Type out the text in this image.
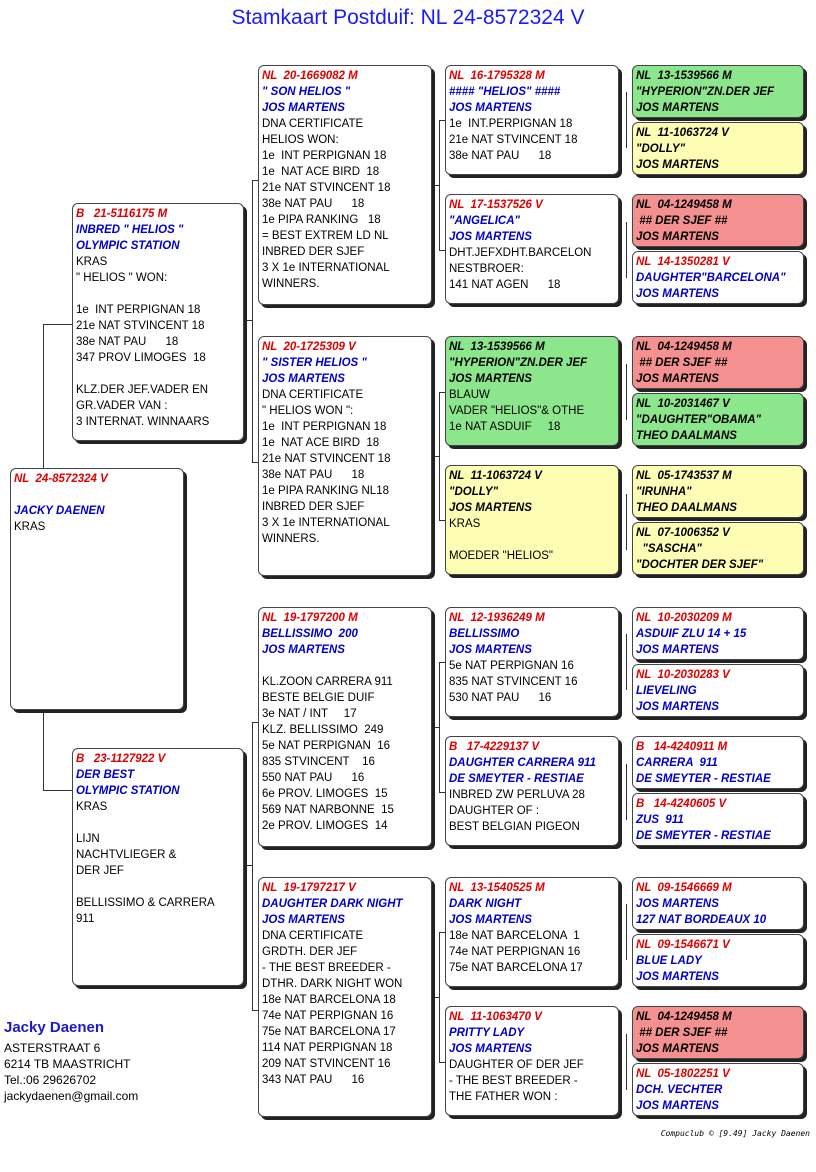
Stamkaart Postduif: NL 24-8572324 V
NL  24-8572324 V

JACKY DAENEN
KRAS
B   21-5116175 M
INBRED " HELIOS "
OLYMPIC STATION
KRAS
" HELIOS " WON:

1e  INT PERPIGNAN 18
21e NAT STVINCENT 18
38e NAT PAU      18
347 PROV LIMOGES  18

KLZ.DER JEF.VADER EN
GR.VADER VAN :
3 INTERNAT. WINNAARS
B   23-1127922 V
DER BEST
OLYMPIC STATION
KRAS

LIJN
NACHTVLIEGER &
DER JEF

BELLISSIMO & CARRERA
911
NL  20-1669082 M
" SON HELIOS "
JOS MARTENS
DNA CERTIFICATE
HELIOS WON:
1e  INT PERPIGNAN 18
1e  NAT ACE BIRD  18
21e NAT STVINCENT 18
38e NAT PAU      18
1e PIPA RANKING   18
= BEST EXTREM LD NL
INBRED DER SJEF
3 X 1e INTERNATIONAL
WINNERS.
NL  20-1725309 V
" SISTER HELIOS "
JOS MARTENS
DNA CERTIFICATE
" HELIOS WON ":
1e  INT PERPIGNAN 18
1e  NAT ACE BIRD  18
21e NAT STVINCENT 18
38e NAT PAU      18
1e PIPA RANKING NL18
INBRED DER SJEF
3 X 1e INTERNATIONAL
WINNERS.
NL  19-1797200 M
BELLISSIMO  200
JOS MARTENS

KL.ZOON CARRERA 911
BESTE BELGIE DUIF
3e NAT / INT     17
KLZ. BELLISSIMO  249
5e NAT PERPIGNAN  16
835 STVINCENT    16
550 NAT PAU      16
6e PROV. LIMOGES  15
569 NAT NARBONNE  15
2e PROV. LIMOGES  14
NL  19-1797217 V
DAUGHTER DARK NIGHT
JOS MARTENS
DNA CERTIFICATE
GRDTH. DER JEF
- THE BEST BREEDER -
DTHR. DARK NIGHT WON
18e NAT BARCELONA 18
74e NAT PERPIGNAN 16
75e NAT BARCELONA 17
114 NAT PERPIGNAN 18
209 NAT STVINCENT 16
343 NAT PAU      16
NL  16-1795328 M
#### "HELIOS" ####
JOS MARTENS
1e  INT.PERPIGNAN 18
21e NAT STVINCENT 18
38e NAT PAU      18
NL  17-1537526 V
"ANGELICA"
JOS MARTENS
DHT.JEFXDHT.BARCELON
NESTBROER:
141 NAT AGEN      18
NL  13-1539566 M
"HYPERION"ZN.DER JEF
JOS MARTENS
BLAUW
VADER "HELIOS"& OTHE
1e NAT ASDUIF     18
NL  11-1063724 V
"DOLLY"
JOS MARTENS
KRAS

MOEDER "HELIOS"
NL  12-1936249 M
BELLISSIMO
JOS MARTENS
5e NAT PERPIGNAN 16
835 NAT STVINCENT 16
530 NAT PAU      16
B   17-4229137 V
DAUGHTER CARRERA 911
DE SMEYTER - RESTIAE
INBRED ZW PERLUVA 28
DAUGHTER OF :
BEST BELGIAN PIGEON
NL  13-1540525 M
DARK NIGHT
JOS MARTENS
18e NAT BARCELONA  1
74e NAT PERPIGNAN 16
75e NAT BARCELONA 17
NL  11-1063470 V
PRITTY LADY
JOS MARTENS
DAUGHTER OF DER JEF
- THE BEST BREEDER -
THE FATHER WON :
NL  13-1539566 M
"HYPERION"ZN.DER JEF
JOS MARTENS
NL  11-1063724 V
"DOLLY"
JOS MARTENS
NL  04-1249458 M
## DER SJEF ##
JOS MARTENS
NL  14-1350281 V
DAUGHTER"BARCELONA"
JOS MARTENS
NL  04-1249458 M
## DER SJEF ##
JOS MARTENS
NL  10-2031467 V
"DAUGHTER"OBAMA"
THEO DAALMANS
NL  05-1743537 M
"IRUNHA"
THEO DAALMANS
NL  07-1006352 V
"SASCHA"
"DOCHTER DER SJEF"
NL  10-2030209 M
ASDUIF ZLU 14 + 15
JOS MARTENS
NL  10-2030283 V
LIEVELING
JOS MARTENS
B   14-4240911 M
CARRERA  911
DE SMEYTER - RESTIAE
B   14-4240605 V
ZUS  911
DE SMEYTER - RESTIAE
NL  09-1546669 M
JOS MARTENS
127 NAT BORDEAUX 10
NL  09-1546671 V
BLUE LADY
JOS MARTENS
NL  04-1249458 M
## DER SJEF ##
JOS MARTENS
NL  05-1802251 V
DCH. VECHTER
JOS MARTENS
Jacky Daenen
ASTERSTRAAT 6
6214 TB MAASTRICHT
Tel.:06 29626702
jackydaenen@gmail.com
Compuclub © [9.49] Jacky Daenen
